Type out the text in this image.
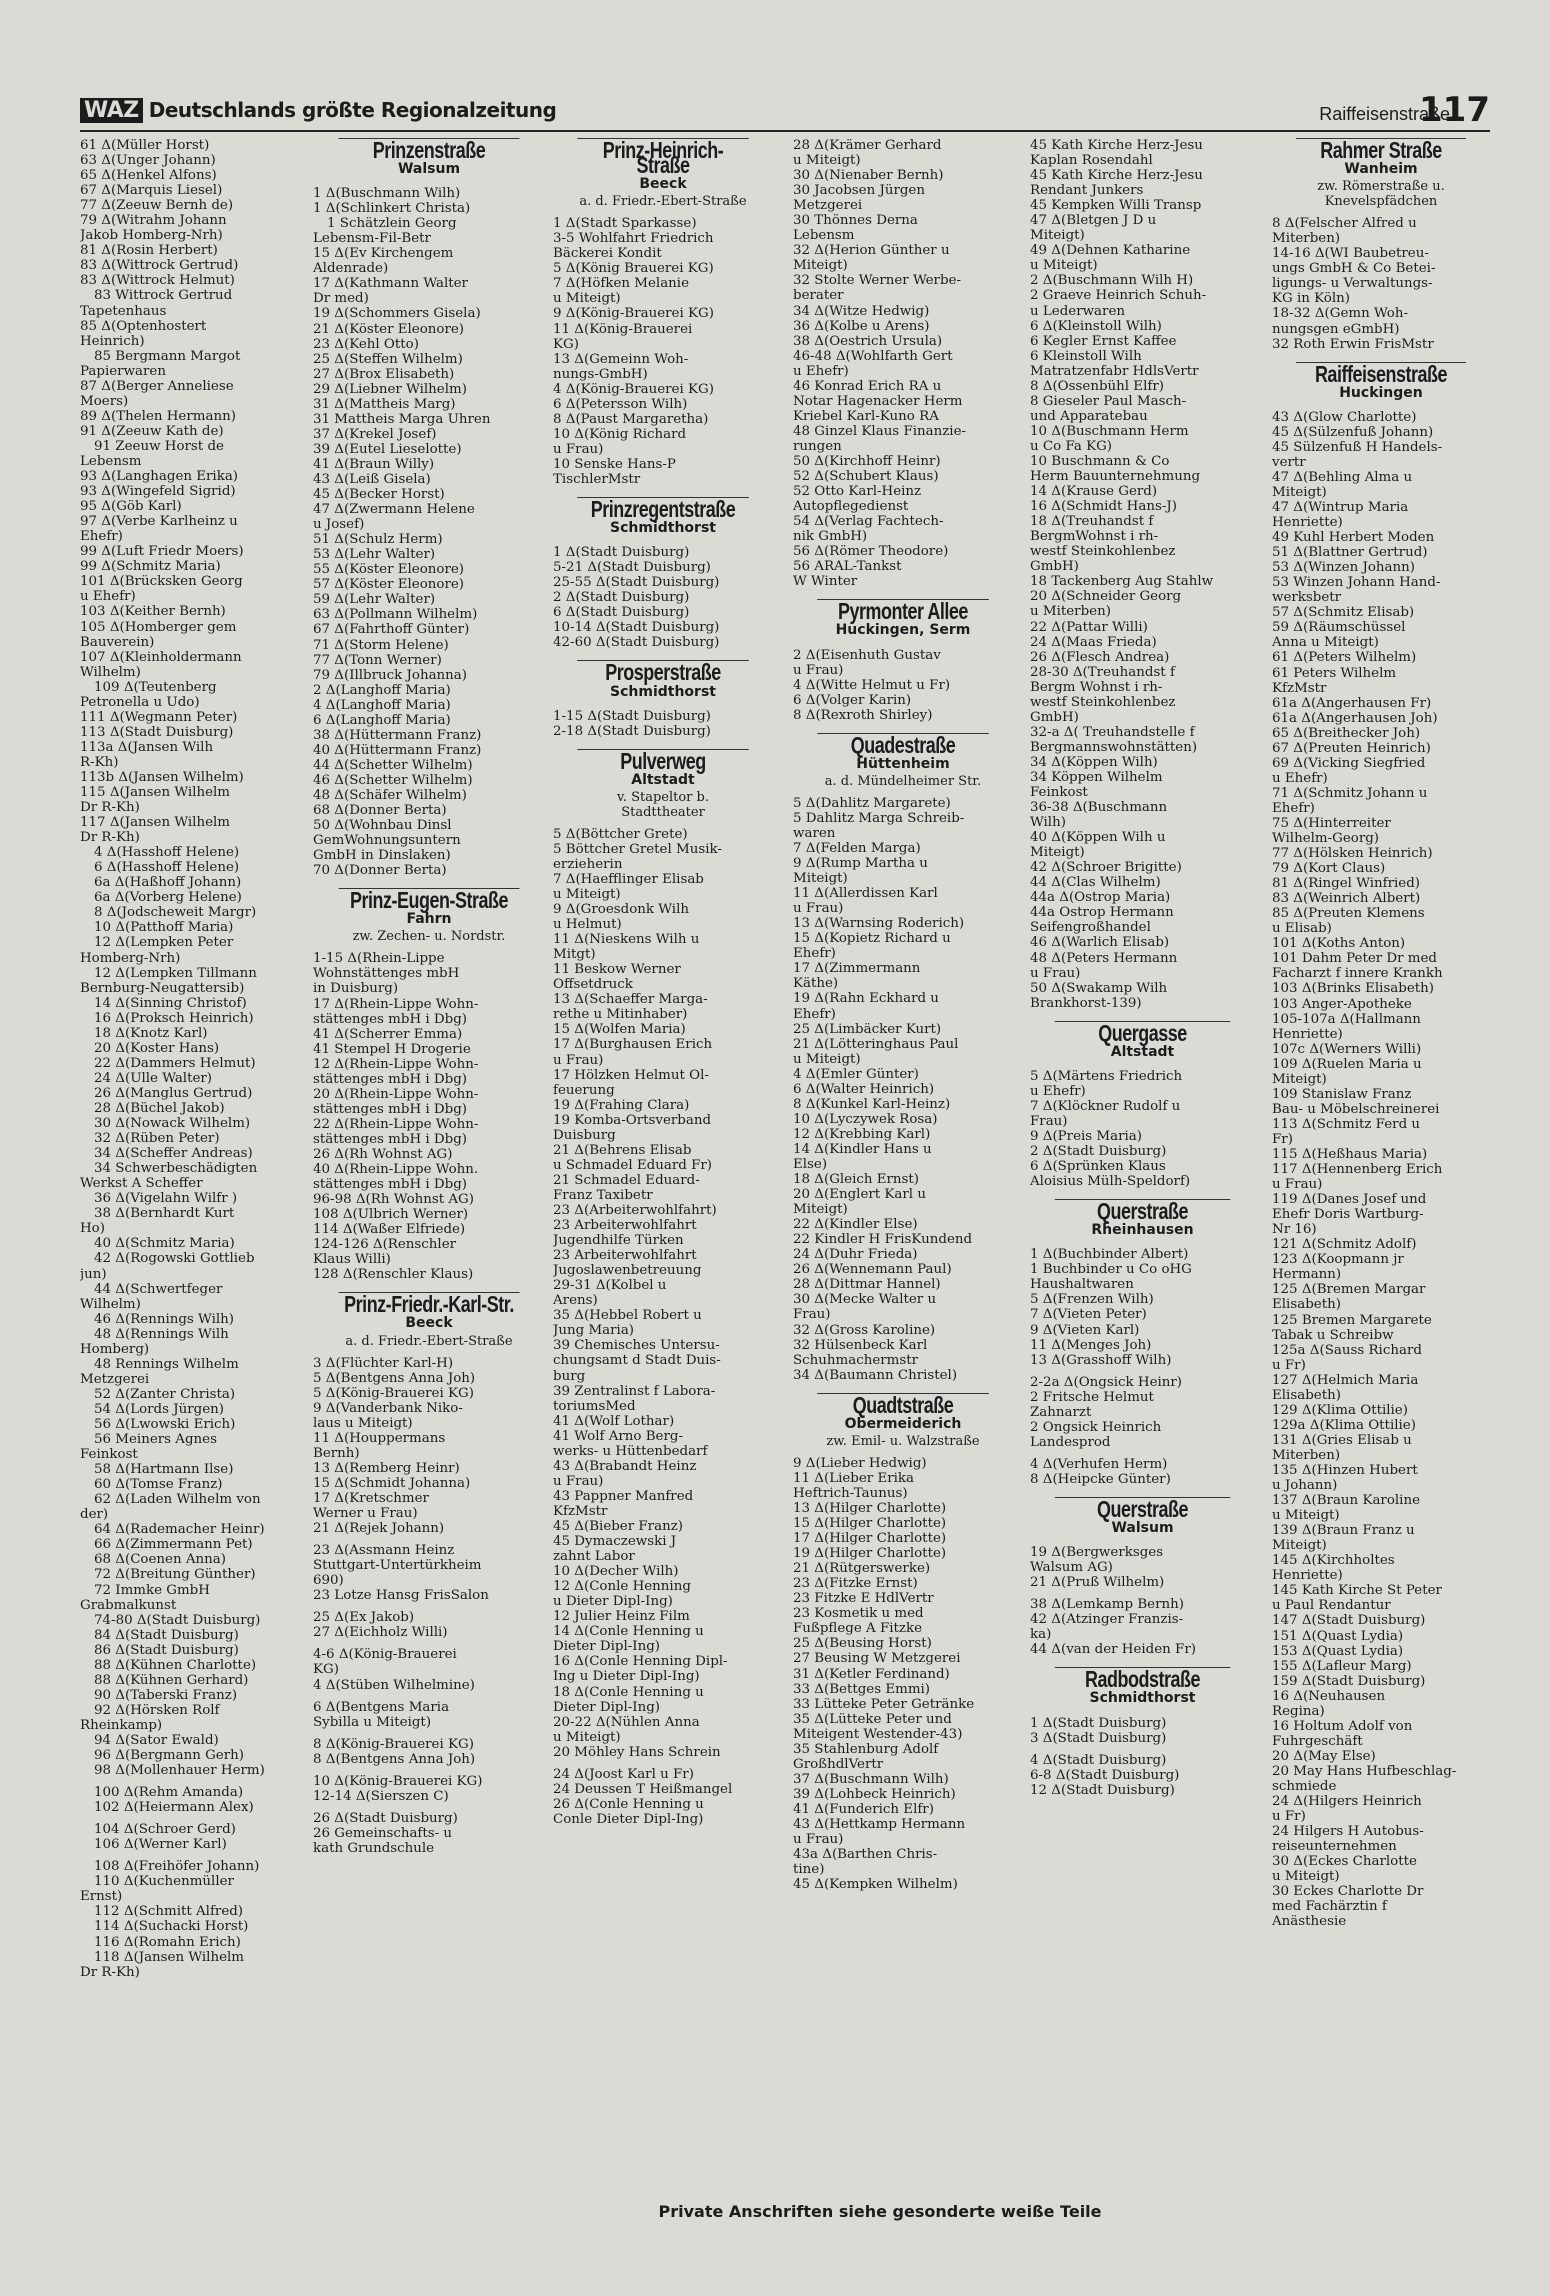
WAZ Deutschlands größte Regionalzeitung	Raiffeisenstraße
117
61 Δ(Müller Horst)
63 Δ(Unger Johann)
65 Δ(Henkel Alfons)
67 Δ(Marquis Liesel)
77 Δ(Zeeuw Bernh de)
79 Δ(Witrahm Johann
Jakob Homberg-Nrh)
81 Δ(Rosin Herbert)
83 Δ(Wittrock Gertrud)
83 Δ(Wittrock Helmut)
83 Wittrock Gertrud
Tapetenhaus
85 Δ(Optenhostert
Heinrich)
85 Bergmann Margot
Papierwaren
87 Δ(Berger Anneliese
Moers)
89 Δ(Thelen Hermann)
91 Δ(Zeeuw Kath de)
91 Zeeuw Horst de
Lebensm
93 Δ(Langhagen Erika)
93 Δ(Wingefeld Sigrid)
95 Δ(Göb Karl)
97 Δ(Verbe Karlheinz u
Ehefr)
99 Δ(Luft Friedr Moers)
99 Δ(Schmitz Maria)
101 Δ(Brücksken Georg
u Ehefr)
103 Δ(Keither Bernh)
105 Δ(Homberger gem
Bauverein)
107 Δ(Kleinholdermann
Wilhelm)
109 Δ(Teutenberg
Petronella u Udo)
111 Δ(Wegmann Peter)
113 Δ(Stadt Duisburg)
113a Δ(Jansen Wilh
R-Kh)
113b Δ(Jansen Wilhelm)
115 Δ(Jansen Wilhelm
Dr R-Kh)
117 Δ(Jansen Wilhelm
Dr R-Kh)
4 Δ(Hasshoff Helene)
6 Δ(Hasshoff Helene)
6a Δ(Haßhoff Johann)
6a Δ(Vorberg Helene)
8 Δ(Jodscheweit Margr)
10 Δ(Patthoff Maria)
12 Δ(Lempken Peter
Homberg-Nrh)
12 Δ(Lempken Tillmann
Bernburg-Neugattersib)
14 Δ(Sinning Christof)
16 Δ(Proksch Heinrich)
18 Δ(Knotz Karl)
20 Δ(Koster Hans)
22 Δ(Dammers Helmut)
24 Δ(Ulle Walter)
26 Δ(Manglus Gertrud)
28 Δ(Büchel Jakob)
30 Δ(Nowack Wilhelm)
32 Δ(Rüben Peter)
34 Δ(Scheffer Andreas)
34 Schwerbeschädigten
Werkst A Scheffer
36 Δ(Vigelahn Wilfr )
38 Δ(Bernhardt Kurt
Ho)
40 Δ(Schmitz Maria)
42 Δ(Rogowski Gottlieb
jun)
44 Δ(Schwertfeger
Wilhelm)
46 Δ(Rennings Wilh)
48 Δ(Rennings Wilh
Homberg)
48 Rennings Wilhelm
Metzgerei
52 Δ(Zanter Christa)
54 Δ(Lords Jürgen)
56 Δ(Lwowski Erich)
56 Meiners Agnes
Feinkost
58 Δ(Hartmann Ilse)
60 Δ(Tomse Franz)
62 Δ(Laden Wilhelm von
der)
64 Δ(Rademacher Heinr)
66 Δ(Zimmermann Pet)
68 Δ(Coenen Anna)
72 Δ(Breitung Günther)
72 Immke GmbH
Grabmalkunst
74-80 Δ(Stadt Duisburg)
84 Δ(Stadt Duisburg)
86 Δ(Stadt Duisburg)
88 Δ(Kühnen Charlotte)
88 Δ(Kühnen Gerhard)
90 Δ(Taberski Franz)
92 Δ(Hörsken Rolf
Rheinkamp)
94 Δ(Sator Ewald)
96 Δ(Bergmann Gerh)
98 Δ(Mollenhauer Herm)
100 Δ(Rehm Amanda)
102 Δ(Heiermann Alex)
104 Δ(Schroer Gerd)
106 Δ(Werner Karl)
108 Δ(Freihöfer Johann)
110 Δ(Kuchenmüller
Ernst)
112 Δ(Schmitt Alfred)
114 Δ(Suchacki Horst)
116 Δ(Romahn Erich)
118 Δ(Jansen Wilhelm
Dr R-Kh)
Prinzenstraße
Walsum
1 Δ(Buschmann Wilh)
1 Δ(Schlinkert Christa)
1 Schätzlein Georg
Lebensm-Fil-Betr
15 Δ(Ev Kirchengem
Aldenrade)
17 Δ(Kathmann Walter
Dr med)
19 Δ(Schommers Gisela)
21 Δ(Köster Eleonore)
23 Δ(Kehl Otto)
25 Δ(Steffen Wilhelm)
27 Δ(Brox Elisabeth)
29 Δ(Liebner Wilhelm)
31 Δ(Mattheis Marg)
31 Mattheis Marga Uhren
37 Δ(Krekel Josef)
39 Δ(Eutel Lieselotte)
41 Δ(Braun Willy)
43 Δ(Leiß Gisela)
45 Δ(Becker Horst)
47 Δ(Zwermann Helene
u Josef)
51 Δ(Schulz Herm)
53 Δ(Lehr Walter)
55 Δ(Köster Eleonore)
57 Δ(Köster Eleonore)
59 Δ(Lehr Walter)
63 Δ(Pollmann Wilhelm)
67 Δ(Fahrthoff Günter)
71 Δ(Storm Helene)
77 Δ(Tonn Werner)
79 Δ(Illbruck Johanna)
2 Δ(Langhoff Maria)
4 Δ(Langhoff Maria)
6 Δ(Langhoff Maria)
38 Δ(Hüttermann Franz)
40 Δ(Hüttermann Franz)
44 Δ(Schetter Wilhelm)
46 Δ(Schetter Wilhelm)
48 Δ(Schäfer Wilhelm)
68 Δ(Donner Berta)
50 Δ(Wohnbau Dinsl
GemWohnungsuntern
GmbH in Dinslaken)
70 Δ(Donner Berta)
Prinz-Eugen-Straße
Fahrn
zw. Zechen- u. Nordstr.
1-15 Δ(Rhein-Lippe
Wohnstättenges mbH
in Duisburg)
17 Δ(Rhein-Lippe Wohn-
stättenges mbH i Dbg)
41 Δ(Scherrer Emma)
41 Stempel H Drogerie
12 Δ(Rhein-Lippe Wohn-
stättenges mbH i Dbg)
20 Δ(Rhein-Lippe Wohn-
stättenges mbH i Dbg)
22 Δ(Rhein-Lippe Wohn-
stättenges mbH i Dbg)
26 Δ(Rh Wohnst AG)
40 Δ(Rhein-Lippe Wohn.
stättenges mbH i Dbg)
96-98 Δ(Rh Wohnst AG)
108 Δ(Ulbrich Werner)
114 Δ(Waßer Elfriede)
124-126 Δ(Renschler
Klaus Willi)
128 Δ(Renschler Klaus)
Prinz-Friedr.-Karl-Str.
Beeck
a. d. Friedr.-Ebert-Straße
3 Δ(Flüchter Karl-H)
5 Δ(Bentgens Anna Joh)
5 Δ(König-Brauerei KG)
9 Δ(Vanderbank Niko-
laus u Miteigt)
11 Δ(Houppermans
Bernh)
13 Δ(Remberg Heinr)
15 Δ(Schmidt Johanna)
17 Δ(Kretschmer
Werner u Frau)
21 Δ(Rejek Johann)
23 Δ(Assmann Heinz
Stuttgart-Untertürkheim
690)
23 Lotze Hansg FrisSalon
25 Δ(Ex Jakob)
27 Δ(Eichholz Willi)
4-6 Δ(König-Brauerei
KG)
4 Δ(Stüben Wilhelmine)
6 Δ(Bentgens Maria
Sybilla u Miteigt)
8 Δ(König-Brauerei KG)
8 Δ(Bentgens Anna Joh)
10 Δ(König-Brauerei KG)
12-14 Δ(Sierszen C)
26 Δ(Stadt Duisburg)
26 Gemeinschafts- u
kath Grundschule
Prinz-Heinrich-Straße
Beeck
a. d. Friedr.-Ebert-Straße
1 Δ(Stadt Sparkasse)
3-5 Wohlfahrt Friedrich
Bäckerei Kondit
5 Δ(König Brauerei KG)
7 Δ(Höfken Melanie
u Miteigt)
9 Δ(König-Brauerei KG)
11 Δ(König-Brauerei
KG)
13 Δ(Gemeinn Woh-
nungs-GmbH)
4 Δ(König-Brauerei KG)
6 Δ(Petersson Wilh)
8 Δ(Paust Margaretha)
10 Δ(König Richard
u Frau)
10 Senske Hans-P
TischlerMstr
Prinzregentstraße
Schmidthorst
1 Δ(Stadt Duisburg)
5-21 Δ(Stadt Duisburg)
25-55 Δ(Stadt Duisburg)
2 Δ(Stadt Duisburg)
6 Δ(Stadt Duisburg)
10-14 Δ(Stadt Duisburg)
42-60 Δ(Stadt Duisburg)
Prosperstraße
Schmidthorst
1-15 Δ(Stadt Duisburg)
2-18 Δ(Stadt Duisburg)
Pulverweg
Altstadt
v. Stapeltor b.
Stadttheater
5 Δ(Böttcher Grete)
5 Böttcher Gretel Musik-
erzieherin
7 Δ(Haefflinger Elisab
u Miteigt)
9 Δ(Groesdonk Wilh
u Helmut)
11 Δ(Nieskens Wilh u
Mitgt)
11 Beskow Werner
Offsetdruck
13 Δ(Schaeffer Marga-
rethe u Mitinhaber)
15 Δ(Wolfen Maria)
17 Δ(Burghausen Erich
u Frau)
17 Hölzken Helmut Öl-
feuerung
19 Δ(Frahing Clara)
19 Komba-Ortsverband
Duisburg
21 Δ(Behrens Elisab
u Schmadel Eduard Fr)
21 Schmadel Eduard-
Franz Taxibetr
23 Δ(Arbeiterwohlfahrt)
23 Arbeiterwohlfahrt
Jugendhilfe Türken
23 Arbeiterwohlfahrt
Jugoslawenbetreuung
29-31 Δ(Kolbel u
Arens)
35 Δ(Hebbel Robert u
Jung Maria)
39 Chemisches Untersu-
chungsamt d Stadt Duis-
burg
39 Zentralinst f Labora-
toriumsMed
41 Δ(Wolf Lothar)
41 Wolf Arno Berg-
werks- u Hüttenbedarf
43 Δ(Brabandt Heinz
u Frau)
43 Pappner Manfred
KfzMstr
45 Δ(Bieber Franz)
45 Dymaczewski J
zahnt Labor
10 Δ(Decher Wilh)
12 Δ(Conle Henning
u Dieter Dipl-Ing)
12 Julier Heinz Film
14 Δ(Conle Henning u
Dieter Dipl-Ing)
16 Δ(Conle Henning Dipl-
Ing u Dieter Dipl-Ing)
18 Δ(Conle Henning u
Dieter Dipl-Ing)
20-22 Δ(Nühlen Anna
u Miteigt)
20 Möhley Hans Schrein
24 Δ(Joost Karl u Fr)
24 Deussen T Heißmangel
26 Δ(Conle Henning u
Conle Dieter Dipl-Ing)
28 Δ(Krämer Gerhard
u Miteigt)
30 Δ(Nienaber Bernh)
30 Jacobsen Jürgen
Metzgerei
30 Thönnes Derna
Lebensm
32 Δ(Herion Günther u
Miteigt)
32 Stolte Werner Werbe-
berater
34 Δ(Witze Hedwig)
36 Δ(Kolbe u Arens)
38 Δ(Oestrich Ursula)
46-48 Δ(Wohlfarth Gert
u Ehefr)
46 Konrad Erich RA u
Notar Hagenacker Herm
Kriebel Karl-Kuno RA
48 Ginzel Klaus Finanzie-
rungen
50 Δ(Kirchhoff Heinr)
52 Δ(Schubert Klaus)
52 Otto Karl-Heinz
Autopflegedienst
54 Δ(Verlag Fachtech-
nik GmbH)
56 Δ(Römer Theodore)
56 ARAL-Tankst
W Winter
Pyrmonter Allee
Huckingen, Serm
2 Δ(Eisenhuth Gustav
u Frau)
4 Δ(Witte Helmut u Fr)
6 Δ(Volger Karin)
8 Δ(Rexroth Shirley)
Quadestraße
Hüttenheim
a. d. Mündelheimer Str.
5 Δ(Dahlitz Margarete)
5 Dahlitz Marga Schreib-
waren
7 Δ(Felden Marga)
9 Δ(Rump Martha u
Miteigt)
11 Δ(Allerdissen Karl
u Frau)
13 Δ(Warnsing Roderich)
15 Δ(Kopietz Richard u
Ehefr)
17 Δ(Zimmermann
Käthe)
19 Δ(Rahn Eckhard u
Ehefr)
25 Δ(Limbäcker Kurt)
21 Δ(Lötteringhaus Paul
u Miteigt)
4 Δ(Emler Günter)
6 Δ(Walter Heinrich)
8 Δ(Kunkel Karl-Heinz)
10 Δ(Lyczywek Rosa)
12 Δ(Krebbing Karl)
14 Δ(Kindler Hans u
Else)
18 Δ(Gleich Ernst)
20 Δ(Englert Karl u
Miteigt)
22 Δ(Kindler Else)
22 Kindler H FrisKundend
24 Δ(Duhr Frieda)
26 Δ(Wennemann Paul)
28 Δ(Dittmar Hannel)
30 Δ(Mecke Walter u
Frau)
32 Δ(Gross Karoline)
32 Hülsenbeck Karl
Schuhmachermstr
34 Δ(Baumann Christel)
Quadtstraße
Obermeiderich
zw. Emil- u. Walzstraße
9 Δ(Lieber Hedwig)
11 Δ(Lieber Erika
Heftrich-Taunus)
13 Δ(Hilger Charlotte)
15 Δ(Hilger Charlotte)
17 Δ(Hilger Charlotte)
19 Δ(Hilger Charlotte)
21 Δ(Rütgerswerke)
23 Δ(Fitzke Ernst)
23 Fitzke E HdlVertr
23 Kosmetik u med
Fußpflege A Fitzke
25 Δ(Beusing Horst)
27 Beusing W Metzgerei
31 Δ(Ketler Ferdinand)
33 Δ(Bettges Emmi)
33 Lütteke Peter Getränke
35 Δ(Lütteke Peter und
Miteigent Westender-43)
35 Stahlenburg Adolf
GroßhdlVertr
37 Δ(Buschmann Wilh)
39 Δ(Lohbeck Heinrich)
41 Δ(Funderich Elfr)
43 Δ(Hettkamp Hermann
u Frau)
43a Δ(Barthen Chris-
tine)
45 Δ(Kempken Wilhelm)
45 Kath Kirche Herz-Jesu
Kaplan Rosendahl
45 Kath Kirche Herz-Jesu
Rendant Junkers
45 Kempken Willi Transp
47 Δ(Bletgen J D u
Miteigt)
49 Δ(Dehnen Katharine
u Miteigt)
2 Δ(Buschmann Wilh H)
2 Graeve Heinrich Schuh-
u Lederwaren
6 Δ(Kleinstoll Wilh)
6 Kegler Ernst Kaffee
6 Kleinstoll Wilh
Matratzenfabr HdlsVertr
8 Δ(Ossenbühl Elfr)
8 Gieseler Paul Masch-
und Apparatebau
10 Δ(Buschmann Herm
u Co Fa KG)
10 Buschmann & Co
Herm Bauunternehmung
14 Δ(Krause Gerd)
16 Δ(Schmidt Hans-J)
18 Δ(Treuhandst f
BergmWohnst i rh-
westf Steinkohlenbez
GmbH)
18 Tackenberg Aug Stahlw
20 Δ(Schneider Georg
u Miterben)
22 Δ(Pattar Willi)
24 Δ(Maas Frieda)
26 Δ(Flesch Andrea)
28-30 Δ(Treuhandst f
Bergm Wohnst i rh-
westf Steinkohlenbez
GmbH)
32-a Δ( Treuhandstelle f
Bergmannswohnstätten)
34 Δ(Köppen Wilh)
34 Köppen Wilhelm
Feinkost
36-38 Δ(Buschmann
Wilh)
40 Δ(Köppen Wilh u
Miteigt)
42 Δ(Schroer Brigitte)
44 Δ(Clas Wilhelm)
44a Δ(Ostrop Maria)
44a Ostrop Hermann
Seifengroßhandel
46 Δ(Warlich Elisab)
48 Δ(Peters Hermann
u Frau)
50 Δ(Swakamp Wilh
Brankhorst-139)
Quergasse
Altstadt
5 Δ(Märtens Friedrich
u Ehefr)
7 Δ(Klöckner Rudolf u
Frau)
9 Δ(Preis Maria)
2 Δ(Stadt Duisburg)
6 Δ(Sprünken Klaus
Aloisius Mülh-Speldorf)
Querstraße
Rheinhausen
1 Δ(Buchbinder Albert)
1 Buchbinder u Co oHG
Haushaltwaren
5 Δ(Frenzen Wilh)
7 Δ(Vieten Peter)
9 Δ(Vieten Karl)
11 Δ(Menges Joh)
13 Δ(Grasshoff Wilh)
2-2a Δ(Ongsick Heinr)
2 Fritsche Helmut
Zahnarzt
2 Ongsick Heinrich
Landesprod
4 Δ(Verhufen Herm)
8 Δ(Heipcke Günter)
Querstraße
Walsum
19 Δ(Bergwerksges
Walsum AG)
21 Δ(Pruß Wilhelm)
38 Δ(Lemkamp Bernh)
42 Δ(Atzinger Franzis-
ka)
44 Δ(van der Heiden Fr)
Radbodstraße
Schmidthorst
1 Δ(Stadt Duisburg)
3 Δ(Stadt Duisburg)
4 Δ(Stadt Duisburg)
6-8 Δ(Stadt Duisburg)
12 Δ(Stadt Duisburg)
Rahmer Straße
Wanheim
zw. Römerstraße u.
Knevelspfädchen
8 Δ(Felscher Alfred u
Miterben)
14-16 Δ(WI Baubetreu-
ungs GmbH & Co Betei-
ligungs- u Verwaltungs-
KG in Köln)
18-32 Δ(Gemn Woh-
nungsgen eGmbH)
32 Roth Erwin FrisMstr
Raiffeisenstraße
Huckingen
43 Δ(Glow Charlotte)
45 Δ(Sülzenfuß Johann)
45 Sülzenfuß H Handels-
vertr
47 Δ(Behling Alma u
Miteigt)
47 Δ(Wintrup Maria
Henriette)
49 Kuhl Herbert Moden
51 Δ(Blattner Gertrud)
53 Δ(Winzen Johann)
53 Winzen Johann Hand-
werksbetr
57 Δ(Schmitz Elisab)
59 Δ(Räumschüssel
Anna u Miteigt)
61 Δ(Peters Wilhelm)
61 Peters Wilhelm
KfzMstr
61a Δ(Angerhausen Fr)
61a Δ(Angerhausen Joh)
65 Δ(Breithecker Joh)
67 Δ(Preuten Heinrich)
69 Δ(Vicking Siegfried
u Ehefr)
71 Δ(Schmitz Johann u
Ehefr)
75 Δ(Hinterreiter
Wilhelm-Georg)
77 Δ(Hölsken Heinrich)
79 Δ(Kort Claus)
81 Δ(Ringel Winfried)
83 Δ(Weinrich Albert)
85 Δ(Preuten Klemens
u Elisab)
101 Δ(Koths Anton)
101 Dahm Peter Dr med
Facharzt f innere Krankh
103 Δ(Brinks Elisabeth)
103 Anger-Apotheke
105-107a Δ(Hallmann
Henriette)
107c Δ(Werners Willi)
109 Δ(Ruelen Maria u
Miteigt)
109 Stanislaw Franz
Bau- u Möbelschreinerei
113 Δ(Schmitz Ferd u
Fr)
115 Δ(Heßhaus Maria)
117 Δ(Hennenberg Erich
u Frau)
119 Δ(Danes Josef und
Ehefr Doris Wartburg-
Nr 16)
121 Δ(Schmitz Adolf)
123 Δ(Koopmann jr
Hermann)
125 Δ(Bremen Margar
Elisabeth)
125 Bremen Margarete
Tabak u Schreibw
125a Δ(Sauss Richard
u Fr)
127 Δ(Helmich Maria
Elisabeth)
129 Δ(Klima Ottilie)
129a Δ(Klima Ottilie)
131 Δ(Gries Elisab u
Miterben)
135 Δ(Hinzen Hubert
u Johann)
137 Δ(Braun Karoline
u Miteigt)
139 Δ(Braun Franz u
Miteigt)
145 Δ(Kirchholtes
Henriette)
145 Kath Kirche St Peter
u Paul Rendantur
147 Δ(Stadt Duisburg)
151 Δ(Quast Lydia)
153 Δ(Quast Lydia)
155 Δ(Lafleur Marg)
159 Δ(Stadt Duisburg)
16 Δ(Neuhausen
Regina)
16 Holtum Adolf von
Fuhrgeschäft
20 Δ(May Else)
20 May Hans Hufbeschlag-
schmiede
24 Δ(Hilgers Heinrich
u Fr)
24 Hilgers H Autobus-
reiseunternehmen
30 Δ(Eckes Charlotte
u Miteigt)
30 Eckes Charlotte Dr
med Fachärztin f
Anästhesie
Private Anschriften siehe gesonderte weiße Teile
